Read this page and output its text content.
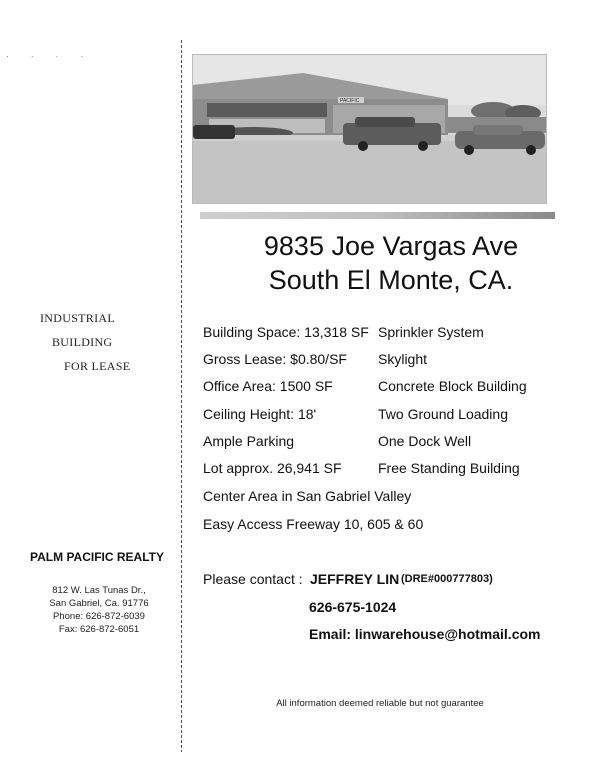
· · · ·
INDUSTRIAL
BUILDING
FOR LEASE
PALM PACIFIC REALTY
812 W. Las Tunas Dr.,
San Gabriel, Ca. 91776
Phone: 626-872-6039
Fax: 626-872-6051
PACIFIC
9835 Joe Vargas Ave
South El Monte, CA.
Building Space: 13,318 SF
Gross Lease: $0.80/SF
Office Area: 1500 SF
Ceiling Height: 18'
Ample Parking
Lot approx. 26,941 SF
Sprinkler System
Skylight
Concrete Block Building
Two Ground Loading
One Dock Well
Free Standing Building
Center Area in San Gabriel Valley
Easy Access Freeway 10, 605 & 60
Please contact : JEFFREY LIN (DRE#000777803)
626-675-1024
Email: linwarehouse@hotmail.com
All information deemed reliable but not guarantee
